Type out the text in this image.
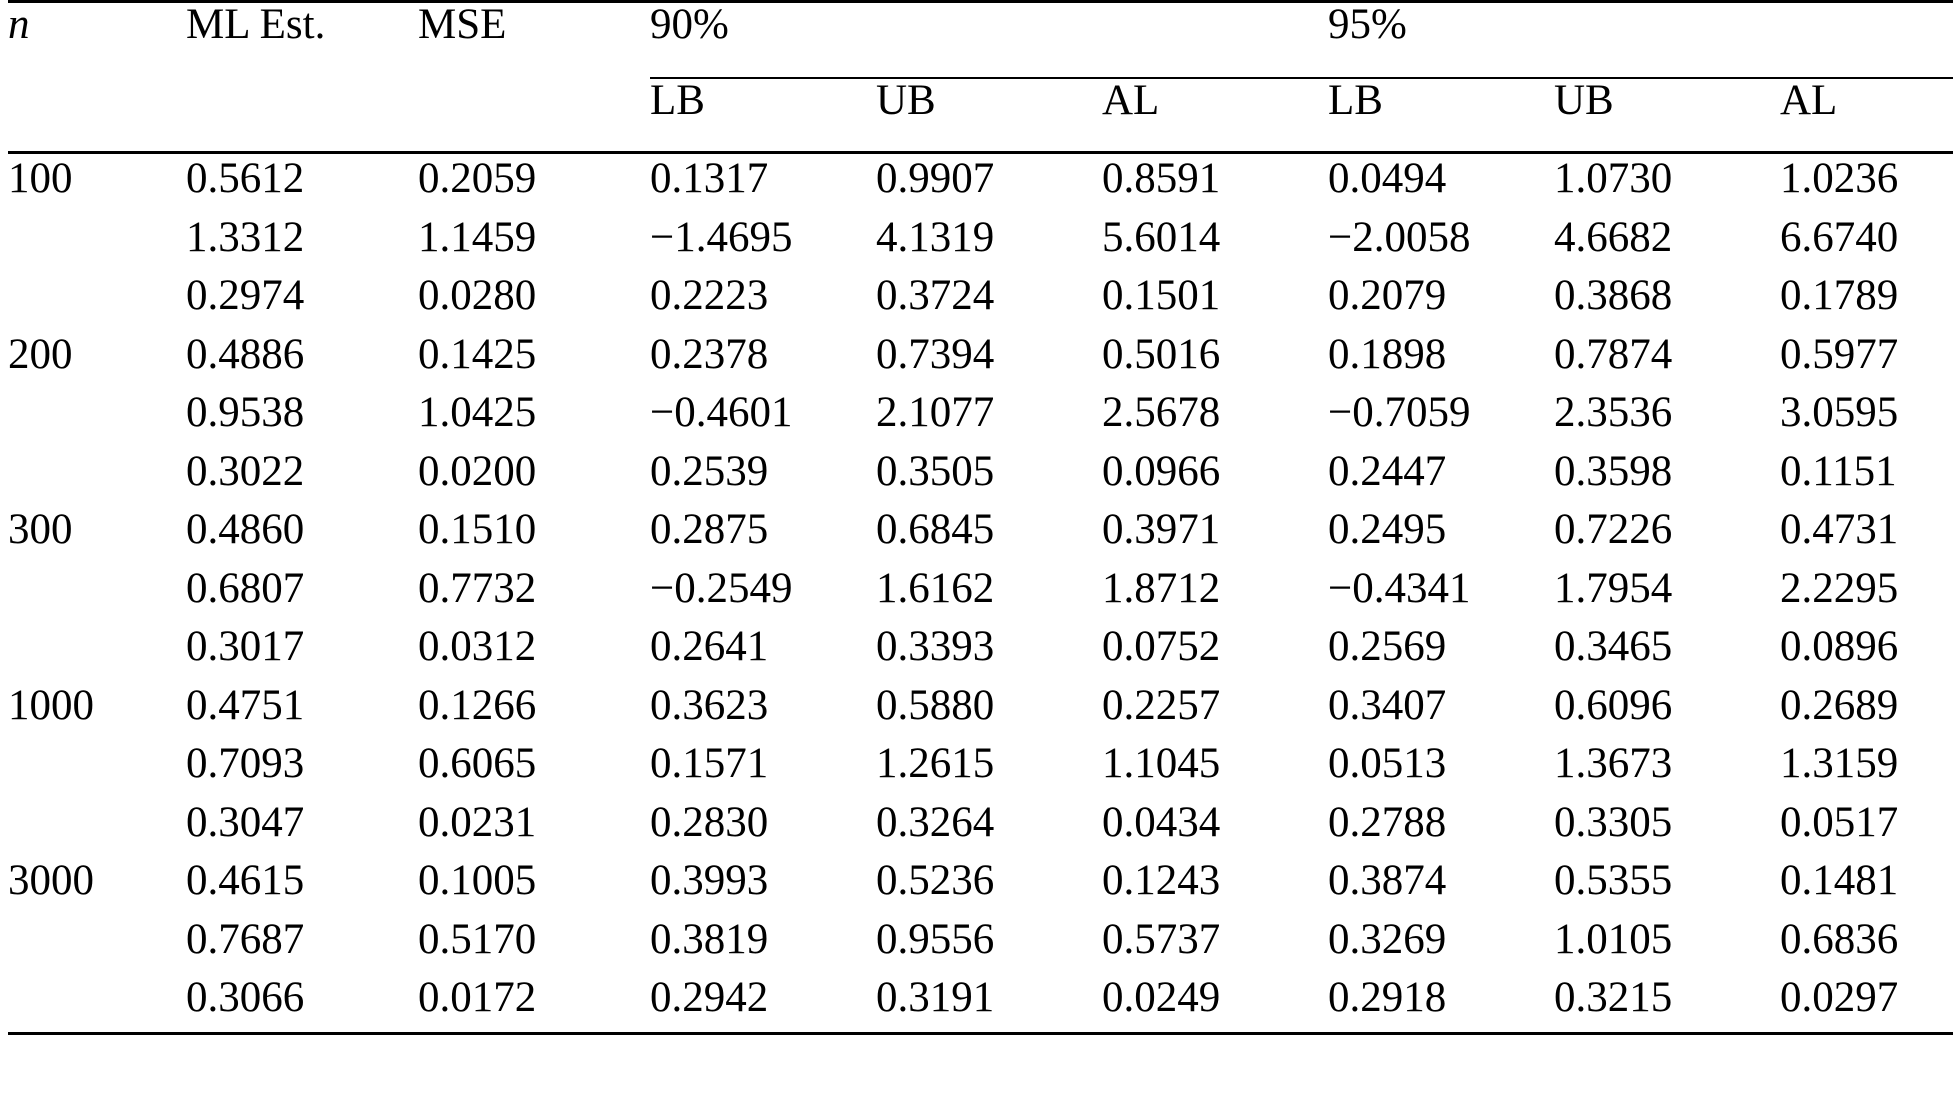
n	ML Est.	MSE	90%			95%		

			LB	UB	AL	LB	UB	AL

100	0.5612	0.2059	0.1317	0.9907	0.8591	0.0494	1.0730	1.0236
	1.3312	1.1459	−1.4695	4.1319	5.6014	−2.0058	4.6682	6.6740
	0.2974	0.0280	0.2223	0.3724	0.1501	0.2079	0.3868	0.1789
200	0.4886	0.1425	0.2378	0.7394	0.5016	0.1898	0.7874	0.5977
	0.9538	1.0425	−0.4601	2.1077	2.5678	−0.7059	2.3536	3.0595
	0.3022	0.0200	0.2539	0.3505	0.0966	0.2447	0.3598	0.1151
300	0.4860	0.1510	0.2875	0.6845	0.3971	0.2495	0.7226	0.4731
	0.6807	0.7732	−0.2549	1.6162	1.8712	−0.4341	1.7954	2.2295
	0.3017	0.0312	0.2641	0.3393	0.0752	0.2569	0.3465	0.0896
1000	0.4751	0.1266	0.3623	0.5880	0.2257	0.3407	0.6096	0.2689
	0.7093	0.6065	0.1571	1.2615	1.1045	0.0513	1.3673	1.3159
	0.3047	0.0231	0.2830	0.3264	0.0434	0.2788	0.3305	0.0517
3000	0.4615	0.1005	0.3993	0.5236	0.1243	0.3874	0.5355	0.1481
	0.7687	0.5170	0.3819	0.9556	0.5737	0.3269	1.0105	0.6836
	0.3066	0.0172	0.2942	0.3191	0.0249	0.2918	0.3215	0.0297
